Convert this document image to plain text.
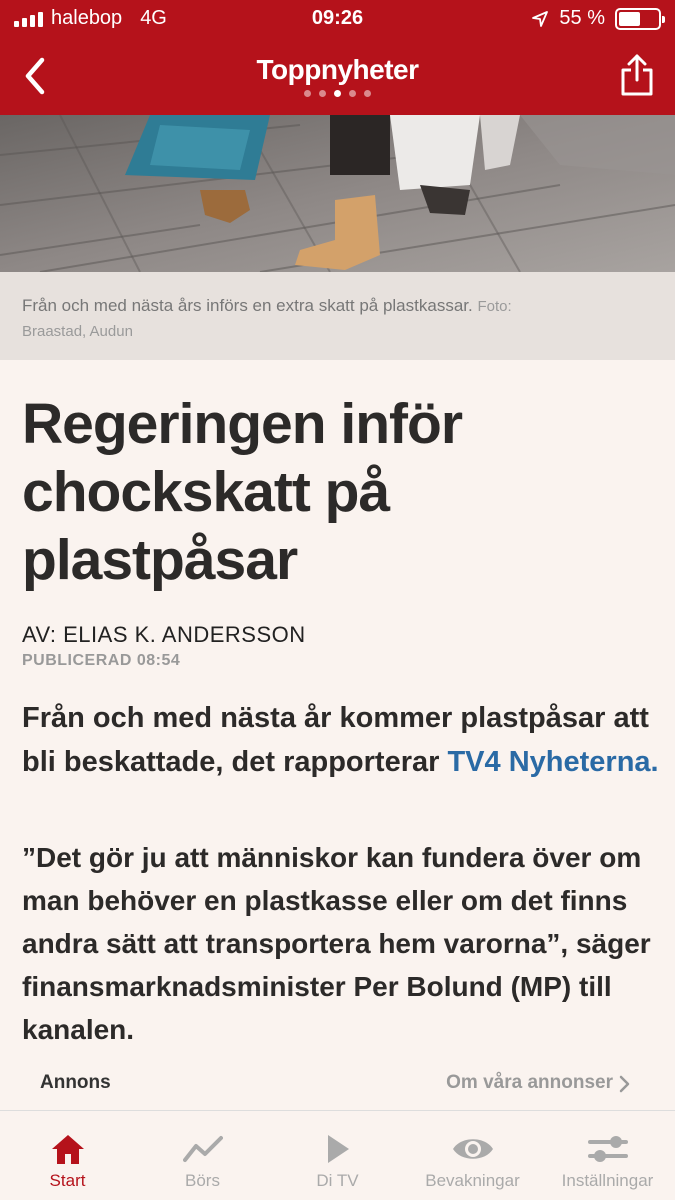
halebop 4G	09:26	55 %
Toppnyheter
Från och med nästa års införs en extra skatt på plastkassar. Foto:
Braastad, Audun
Regeringen inför chockskatt på plastpåsar
AV: ELIAS K. ANDERSSON
PUBLICERAD 08:54

Från och med nästa år kommer plastpåsar att bli beskattade, det rapporterar TV4 Nyheterna.

”Det gör ju att människor kan fundera över om man behöver en plastkasse eller om det finns andra sätt att transportera hem varorna”, säger finansmarknadsminister Per Bolund (MP) till kanalen.

Annons	Om våra annonser
Start	Börs	Di TV	Bevakningar Inställningar
